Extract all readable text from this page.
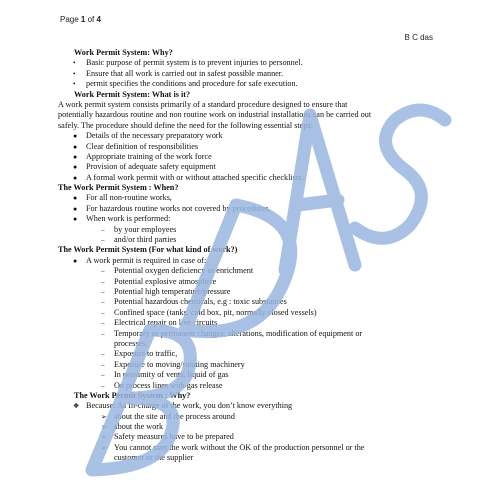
Page 1 of 4
B C das
Work Permit System: Why?
• Basic purpose of permit system is to prevent injuries to personnel.
• Ensure that all work is carried out in safest possible manner.
• permit specifies the conditions and procedure for safe execution.
Work Permit System: What is it?
A work permit system consists primarily of a standard procedure designed to ensure that
potentially hazardous routine and non routine work on industrial installations can be carried out
safely. The procedure should define the need for the following essential steps:
● Details of the necessary preparatory work
● Clear definition of responsibilities
● Appropriate training of the work force
● Provision of adequate safety equipment
● A formal work permit with or without attached specific checklists.
The Work Permit System : When?
● For all non-routine works,
● For hazardous routine works not covered by procedures,
● When work is performed:
– by your employees
– and/or third parties
The Work Permit System (For what kind of work?)
● A work permit is required in case of:
– Potential oxygen deficiency or enrichment
– Potential explosive atmosphere
– Potential high temperature/pressure
– Potential hazardous chemicals, e.g : toxic substances
– Confined space (tanks, cold box, pit, normally closed vessels)
– Electrical repair on live circuits
– Temporary or permanent changes, alterations, modification of equipment or
processes,
– Exposure to traffic,
– Exposure to moving/rotating machinery
– In proximity of vents, liquid of gas
– On process lines with gas release
The Work Permit System : Why?
❖ Because: As In-charge of the work, you don’t know everything
➢ about the site and the process around
➢ about the work
➢ Safety measures have to be prepared
➢ You cannot start the work without the OK of the production personnel or the
customer or the supplier
